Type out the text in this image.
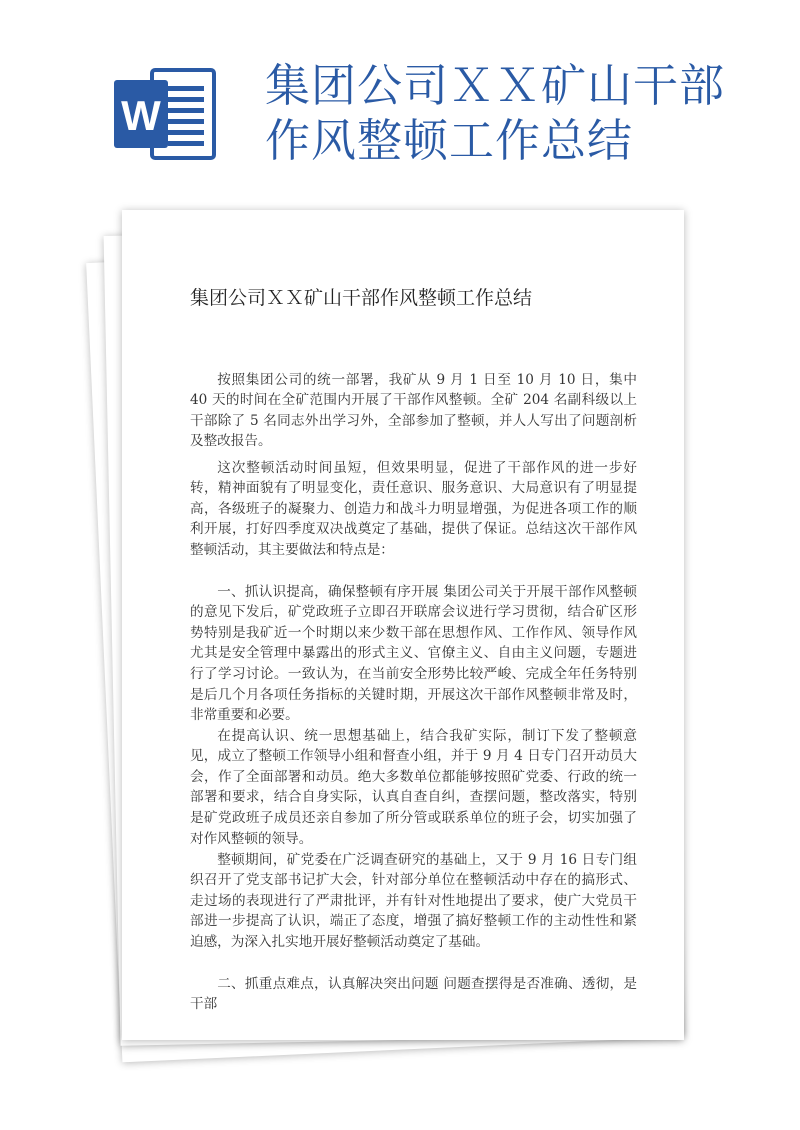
W
集团公司ＸＸ矿山干部
作风整顿工作总结
集团公司ＸＸ矿山干部作风整顿工作总结

按照集团公司的统一部署，我矿从 9 月 1 日至 10 月 10 日，集中 40 天的时间在全矿范围内开展了干部作风整顿。全矿 204 名副科级以上干部除了 5 名同志外出学习外，全部参加了整顿，并人人写出了问题剖析及整改报告。

这次整顿活动时间虽短，但效果明显，促进了干部作风的进一步好转，精神面貌有了明显变化，责任意识、服务意识、大局意识有了明显提高，各级班子的凝聚力、创造力和战斗力明显增强，为促进各项工作的顺利开展，打好四季度双决战奠定了基础，提供了保证。总结这次干部作风整顿活动，其主要做法和特点是：

一、抓认识提高，确保整顿有序开展 集团公司关于开展干部作风整顿的意见下发后，矿党政班子立即召开联席会议进行学习贯彻，结合矿区形势特别是我矿近一个时期以来少数干部在思想作风、工作作风、领导作风尤其是安全管理中暴露出的形式主义、官僚主义、自由主义问题，专题进行了学习讨论。一致认为，在当前安全形势比较严峻、完成全年任务特别是后几个月各项任务指标的关键时期，开展这次干部作风整顿非常及时，非常重要和必要。

在提高认识、统一思想基础上，结合我矿实际，制订下发了整顿意见，成立了整顿工作领导小组和督查小组，并于 9 月 4 日专门召开动员大会，作了全面部署和动员。绝大多数单位都能够按照矿党委、行政的统一部署和要求，结合自身实际，认真自查自纠，查摆问题，整改落实，特别是矿党政班子成员还亲自参加了所分管或联系单位的班子会，切实加强了对作风整顿的领导。

整顿期间，矿党委在广泛调查研究的基础上，又于 9 月 16 日专门组织召开了党支部书记扩大会，针对部分单位在整顿活动中存在的搞形式、走过场的表现进行了严肃批评，并有针对性地提出了要求，使广大党员干部进一步提高了认识，端正了态度，增强了搞好整顿工作的主动性性和紧迫感，为深入扎实地开展好整顿活动奠定了基础。

二、抓重点难点，认真解决突出问题 问题查摆得是否准确、透彻，是干部
